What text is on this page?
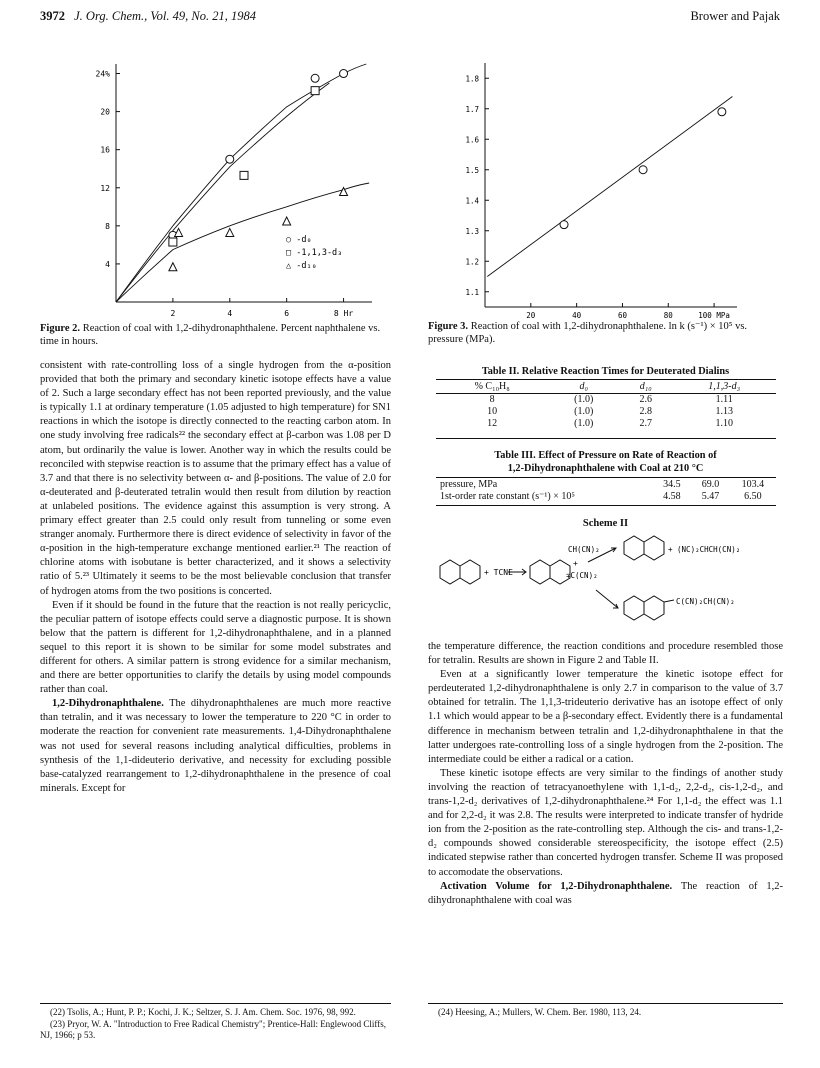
3972 J. Org. Chem., Vol. 49, No. 21, 1984	Brower and Pajak
24%
20
16
12
8
4
2	4	6	8 Hr
○ -d₀
□ -1,1,3-d₃
△ -d₁₀
Figure 2. Reaction of coal with 1,2-dihydronaphthalene. Percent naphthalene vs. time in hours.
1.8
1.7
1.6
1.5
1.4
1.3
1.2
1.1
20	40	60	80	100 MPa
Figure 3. Reaction of coal with 1,2-dihydronaphthalene. ln k (s⁻¹) × 10⁵ vs. pressure (MPa).

consistent with rate-controlling loss of a single hydrogen from the α-position provided that both the primary and secondary kinetic isotope effects have a value of 2. Such a large secondary effect has not been reported previously, and the value is typically 1.1 at ordinary temperature (1.05 adjusted to high temperature) for SN1 reactions in which the isotope is directly connected to the reacting carbon atom. In one study involving free radicals²² the secondary effect at β-carbon was 1.08 per D atom, but ordinarily the value is lower. Another way in which the results could be reconciled with stepwise reaction is to assume that the primary effect has a value of 3.7 and that there is no selectivity between α- and β-positions. The value of 2.0 for α-deuterated and β-deuterated tetralin would then result from dilution by reaction at unlabeled positions. The evidence against this assumption is very strong. A primary effect greater than 2.5 could only result from tunneling or some even stranger anomaly. Furthermore there is direct evidence of selectivity in favor of the α-position in the high-temperature exchange mentioned earlier.²¹ The reaction of chlorine atoms with isobutane is better characterized, and it shows a selectivity ratio of 5.²³ Ultimately it seems to be the most believable conclusion that transfer of hydrogen atoms from the two positions is concerted.

Even if it should be found in the future that the reaction is not really pericyclic, the peculiar pattern of isotope effects could serve a diagnostic purpose. It is shown below that the pattern is different for 1,2-dihydronaphthalene, and in a planned sequel to this report it is shown to be similar for some model substrates and different for others. A similar pattern is strong evidence for a similar mechanism, and there are better opportunities to clarify the details by using model compounds rather than coal.

1,2-Dihydronaphthalene. The dihydronaphthalenes are much more reactive than tetralin, and it was necessary to lower the temperature to 220 °C in order to moderate the reaction for convenient rate measurements. 1,4-Dihydronaphthalene was not used for several reasons including analytical difficulties, problems in synthesis of the 1,1-dideuterio derivative, and necessity for excluding possible base-catalyzed rearrangement to 1,2-dihydronaphthalene in the presence of coal minerals. Except for

(22) Tsolis, A.; Hunt, P. P.; Kochi, J. K.; Seltzer, S. J. Am. Chem. Soc. 1976, 98, 992.

(23) Pryor, W. A. "Introduction to Free Radical Chemistry"; Prentice-Hall: Englewood Cliffs, NJ, 1966; p 53.

Table II. Relative Reaction Times for Deuterated Dialins
% C₁₀H₈	d₀	d₁₀	1,1,3-d₃

8	(1.0)	2.6	1.11
10	(1.0)	2.8	1.13
12	(1.0)	2.7	1.10
Table III. Effect of Pressure on Rate of Reaction of
1,2-Dihydronaphthalene with Coal at 210 °C
pressure, MPa	34.5	69.0	103.4
1st-order rate constant (s⁻¹) × 10⁵	4.58	5.47	6.50
Scheme II
+ TCNE
CH(CN)₂
+
∓C(CN)₂
+ (NC)₂CHCH(CN)₂
C(CN)₂CH(CN)₂

the temperature difference, the reaction conditions and procedure resembled those for tetralin. Results are shown in Figure 2 and Table II.

Even at a significantly lower temperature the kinetic isotope effect for perdeuterated 1,2-dihydronaphthalene is only 2.7 in comparison to the value of 3.7 obtained for tetralin. The 1,1,3-trideuterio derivative has an isotope effect of only 1.1 which would appear to be a β-secondary effect. Evidently there is a fundamental difference in mechanism between tetralin and 1,2-dihydronaphthalene in that the latter undergoes rate-controlling loss of a single hydrogen from the 2-position. The intermediate could be either a radical or a cation.

These kinetic isotope effects are very similar to the findings of another study involving the reaction of tetracyanoethylene with 1,1-d₂, 2,2-d₂, cis-1,2-d₂, and trans-1,2-d₂ derivatives of 1,2-dihydronaphthalene.²⁴ For 1,1-d₂ the effect was 1.1 and for 2,2-d₂ it was 2.8. The results were interpreted to indicate transfer of hydride ion from the 2-position as the rate-controlling step. Although the cis- and trans-1,2-d₂ compounds showed considerable stereospecificity, the isotope effect (2.5) indicated stepwise rather than concerted hydrogen transfer. Scheme II was proposed to accomodate the observations.

Activation Volume for 1,2-Dihydronaphthalene. The reaction of 1,2-dihydronaphthalene with coal was

(24) Heesing, A.; Mullers, W. Chem. Ber. 1980, 113, 24.
